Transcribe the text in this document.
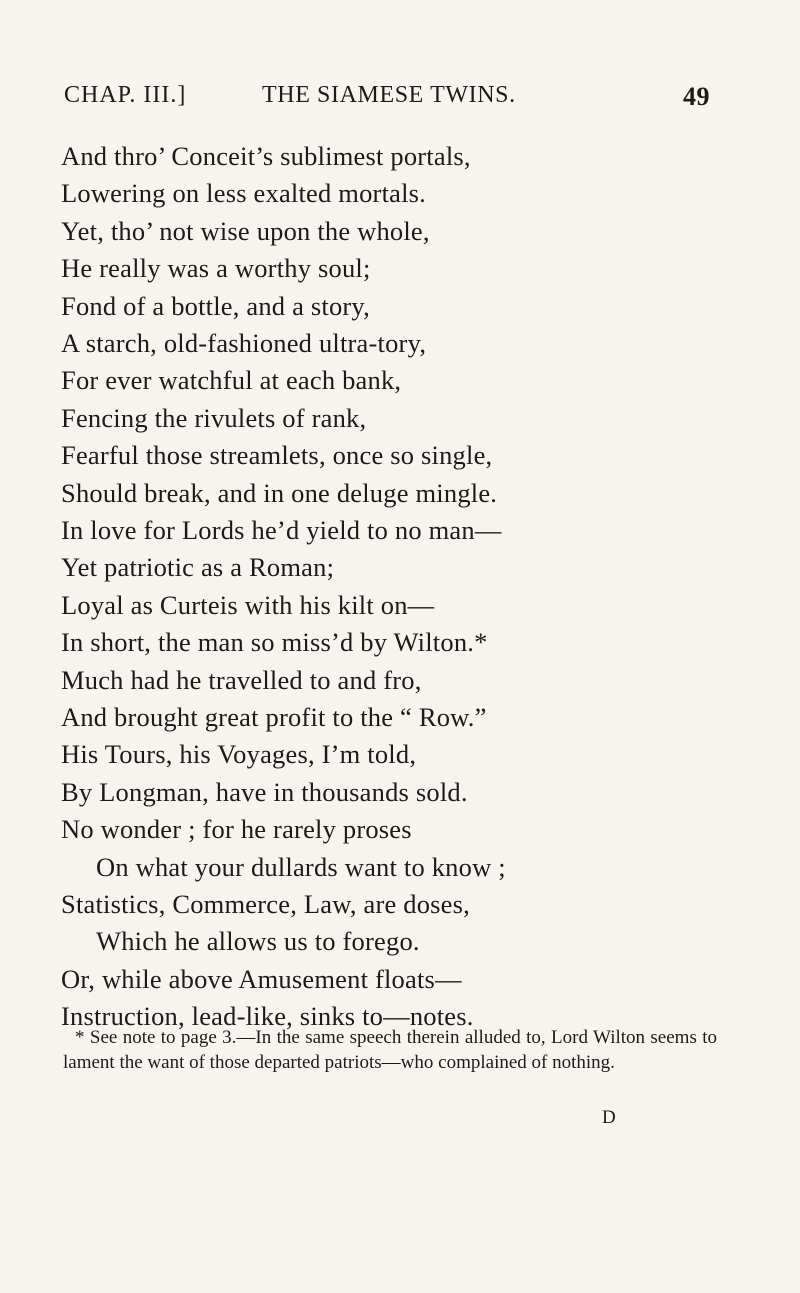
CHAP. III.]	THE SIAMESE TWINS.	49
And thro’ Conceit’s sublimest portals,
Lowering on less exalted mortals.
Yet, tho’ not wise upon the whole,
He really was a worthy soul;
Fond of a bottle, and a story,
A starch, old-fashioned ultra-tory,
For ever watchful at each bank,
Fencing the rivulets of rank,
Fearful those streamlets, once so single,
Should break, and in one deluge mingle.
In love for Lords he’d yield to no man—
Yet patriotic as a Roman;
Loyal as Curteis with his kilt on—
In short, the man so miss’d by Wilton.*
Much had he travelled to and fro,
And brought great profit to the “ Row.”
His Tours, his Voyages, I’m told,
By Longman, have in thousands sold.
No wonder ; for he rarely proses
On what your dullards want to know ;
Statistics, Commerce, Law, are doses,
Which he allows us to forego.
Or, while above Amusement floats—
Instruction, lead-like, sinks to—notes.
* See note to page 3.—In the same speech therein alluded to, Lord Wilton seems to lament the want of those departed patriots—who complained of nothing.
D
